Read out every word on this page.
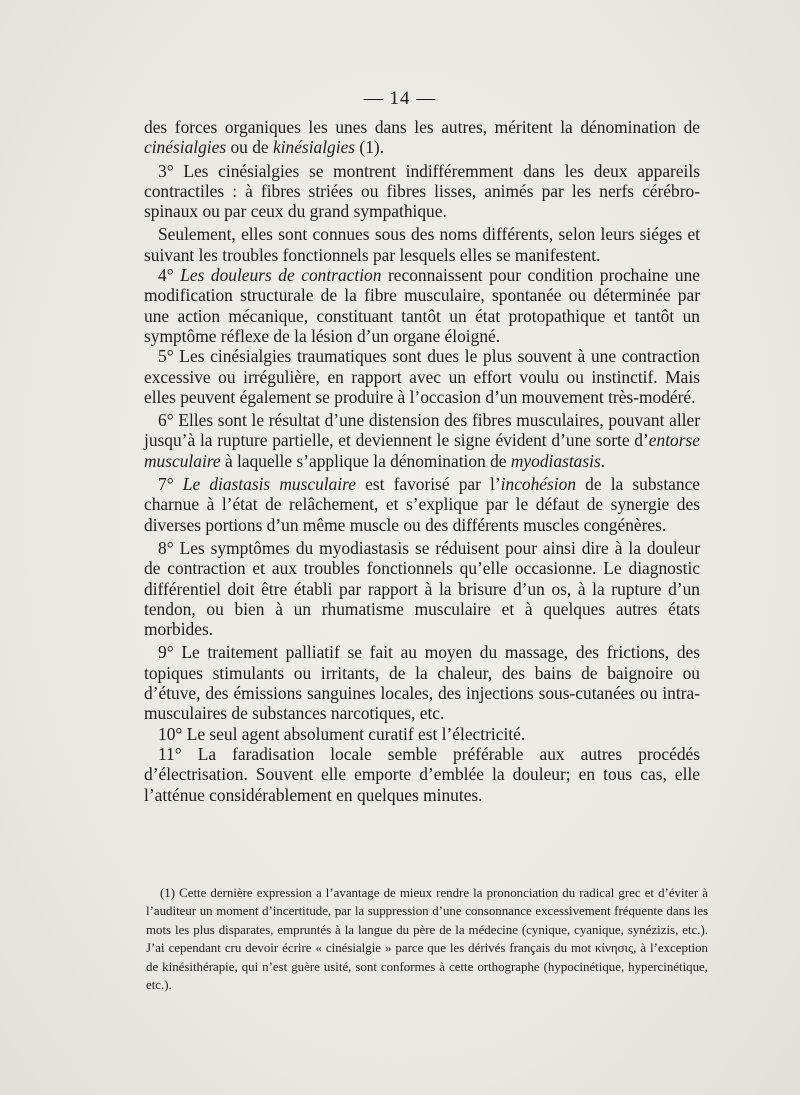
— 14 —

des forces organiques les unes dans les autres, méritent la dénomination de cinésialgies ou de kinésialgies (1).

3° Les cinésialgies se montrent indifféremment dans les deux appareils contractiles : à fibres striées ou fibres lisses, animés par les nerfs cérébro-spinaux ou par ceux du grand sympathique.

Seulement, elles sont connues sous des noms différents, selon leurs siéges et suivant les troubles fonctionnels par lesquels elles se manifestent.

4° Les douleurs de contraction reconnaissent pour condition prochaine une modification structurale de la fibre musculaire, spontanée ou déterminée par une action mécanique, constituant tantôt un état protopathique et tantôt un symptôme réflexe de la lésion d’un organe éloigné.

5° Les cinésialgies traumatiques sont dues le plus souvent à une contraction excessive ou irrégulière, en rapport avec un effort voulu ou instinctif. Mais elles peuvent également se produire à l’occasion d’un mouvement très-modéré.

6° Elles sont le résultat d’une distension des fibres musculaires, pouvant aller jusqu’à la rupture partielle, et deviennent le signe évident d’une sorte d’entorse musculaire à laquelle s’applique la dénomination de myodiastasis.

7° Le diastasis musculaire est favorisé par l’incohésion de la substance charnue à l’état de relâchement, et s’explique par le défaut de synergie des diverses portions d’un même muscle ou des différents muscles congénères.

8° Les symptômes du myodiastasis se réduisent pour ainsi dire à la douleur de contraction et aux troubles fonctionnels qu’elle occasionne. Le diagnostic différentiel doit être établi par rapport à la brisure d’un os, à la rupture d’un tendon, ou bien à un rhumatisme musculaire et à quelques autres états morbides.

9° Le traitement palliatif se fait au moyen du massage, des frictions, des topiques stimulants ou irritants, de la chaleur, des bains de baignoire ou d’étuve, des émissions sanguines locales, des injections sous-cutanées ou intra-musculaires de substances narcotiques, etc.

10° Le seul agent absolument curatif est l’électricité.

11° La faradisation locale semble préférable aux autres procédés d’électrisation. Souvent elle emporte d’emblée la douleur; en tous cas, elle l’atténue considérablement en quelques minutes.

(1) Cette dernière expression a l’avantage de mieux rendre la prononciation du radical grec et d’éviter à l’auditeur un moment d’incertitude, par la suppression d’une consonnance excessivement fréquente dans les mots les plus disparates, empruntés à la langue du père de la médecine (cynique, cyanique, synézizis, etc.). J’ai cependant cru devoir écrire « cinésialgie » parce que les dérivés français du mot κίνησις, à l’exception de kinésithérapie, qui n’est guère usité, sont conformes à cette orthographe (hypocinétique, hypercinétique, etc.).
